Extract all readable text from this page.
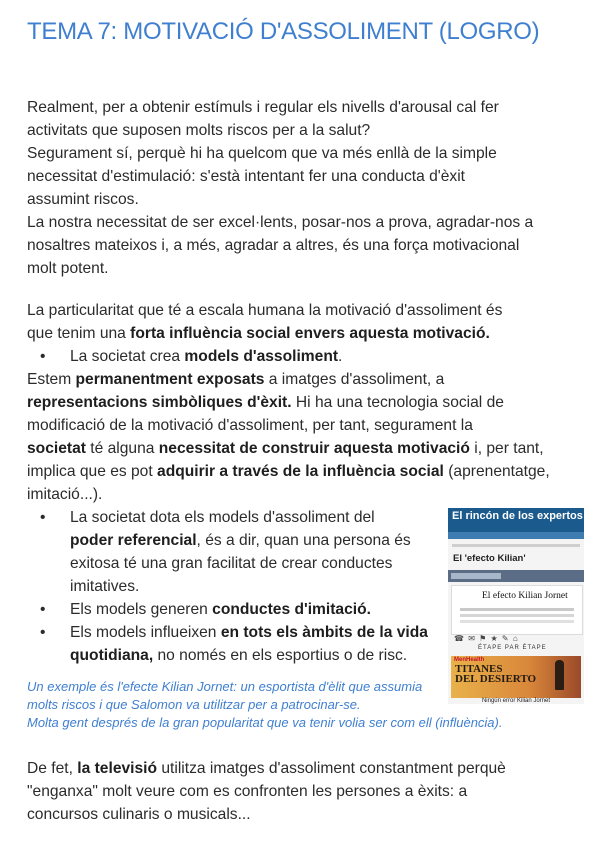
TEMA 7: MOTIVACIÓ D'ASSOLIMENT (LOGRO)
Realment, per a obtenir estímuls i regular els nivells d'arousal cal fer
activitats que suposen molts riscos per a la salut?
Segurament sí, perquè hi ha quelcom que va més enllà de la simple
necessitat d'estimulació: s'està intentant fer una conducta d'èxit
assumint riscos.
La nostra necessitat de ser excel·lents, posar-nos a prova, agradar-nos a
nosaltres mateixos i, a més, agradar a altres, és una força motivacional
molt potent.
La particularitat que té a escala humana la motivació d'assoliment és
que tenim una forta influència social envers aquesta motivació.
• La societat crea models d'assoliment.
Estem permanentment exposats a imatges d'assoliment, a
representacions simbòliques d'èxit. Hi ha una tecnologia social de
modificació de la motivació d'assoliment, per tant, segurament la
societat té alguna necessitat de construir aquesta motivació i, per tant,
implica que es pot adquirir a través de la influència social (aprenentatge,
imitació...).
• La societat dota els models d'assoliment del
poder referencial, és a dir, quan una persona és
exitosa té una gran facilitat de crear conductes
imitatives.
• Els models generen conductes d'imitació.
• Els models influeixen en tots els àmbits de la vida
quotidiana, no només en els esportius o de risc.
El rincón de los expertos
El 'efecto Kilian'
El efecto Kilian Jornet
☎ ✉ ⚑ ★ ✎ ⌂
ÉTAPE PAR ÉTAPE
MenHealth
TITANES
DEL DESIERTO
Ningún error Kilian Jornet
Un exemple és l'efecte Kilian Jornet: un esportista d'èlit que assumia
molts riscos i que Salomon va utilitzar per a patrocinar-se.
Molta gent després de la gran popularitat que va tenir volia ser com ell (influència).
De fet, la televisió utilitza imatges d'assoliment constantment perquè
"enganxa" molt veure com es confronten les persones a èxits: a
concursos culinaris o musicals...
